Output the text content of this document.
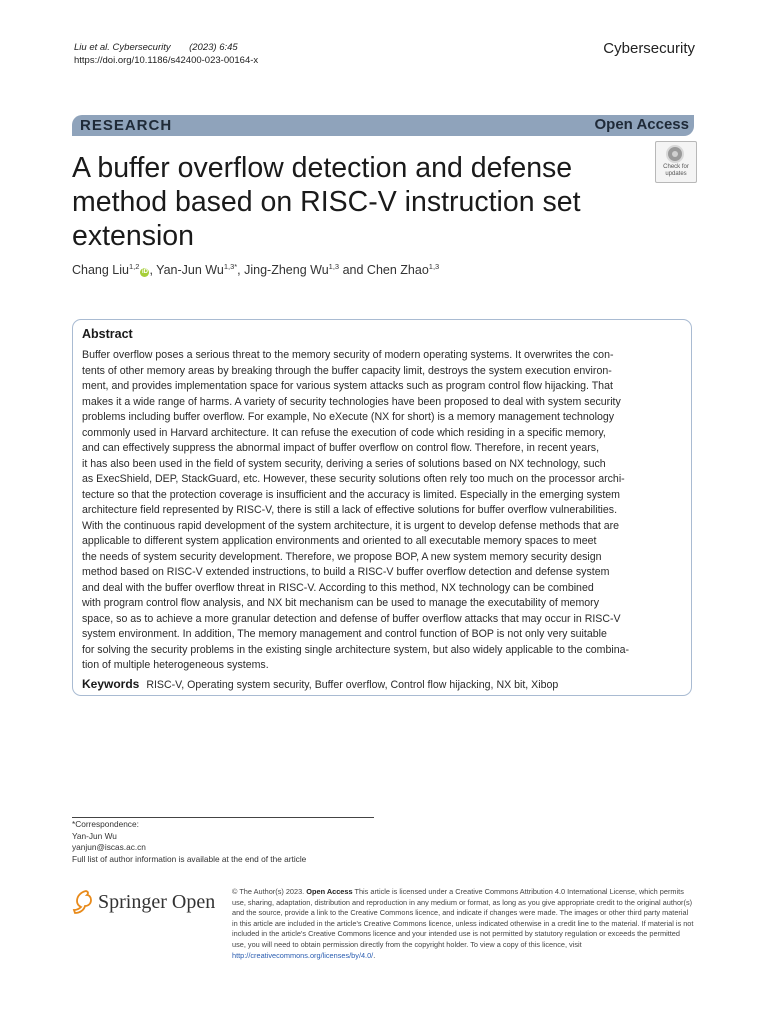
Liu et al. Cybersecurity (2023) 6:45
https://doi.org/10.1186/s42400-023-00164-x
Cybersecurity
RESEARCH	Open Access
A buffer overflow detection and defense method based on RISC-V instruction set extension
Check for
updates
Chang Liu$^{1,2}$iD , Yan-Jun $Wu^{1,3*}$, Jing-Zheng Wu$^{1,3}$ and Chen Zhao$^{1,3}$
Abstract
Buffer overflow poses a serious threat to the memory security of modern operating systems. It overwrites the con-
tents of other memory areas by breaking through the buffer capacity limit, destroys the system execution environ-
ment, and provides implementation space for various system attacks such as program control flow hijacking. That
makes it a wide range of harms. A variety of security technologies have been proposed to deal with system security
problems including buffer overflow. For example, No eXecute (NX for short) is a memory management technology
commonly used in Harvard architecture. It can refuse the execution of code which residing in a specific memory,
and can effectively suppress the abnormal impact of buffer overflow on control flow. Therefore, in recent years,
it has also been used in the field of system security, deriving a series of solutions based on NX technology, such
as ExecShield, DEP, StackGuard, etc. However, these security solutions often rely too much on the processor archi-
tecture so that the protection coverage is insufficient and the accuracy is limited. Especially in the emerging system
architecture field represented by RISC-V, there is still a lack of effective solutions for buffer overflow vulnerabilities.
With the continuous rapid development of the system architecture, it is urgent to develop defense methods that are
applicable to different system application environments and oriented to all executable memory spaces to meet
the needs of system security development. Therefore, we propose BOP, A new system memory security design
method based on RISC-V extended instructions, to build a RISC-V buffer overflow detection and defense system
and deal with the buffer overflow threat in RISC-V. According to this method, NX technology can be combined
with program control flow analysis, and NX bit mechanism can be used to manage the executability of memory
space, so as to achieve a more granular detection and defense of buffer overflow attacks that may occur in RISC-V
system environment. In addition, The memory management and control function of BOP is not only very suitable
for solving the security problems in the existing single architecture system, but also widely applicable to the combina-
tion of multiple heterogeneous systems.
Keywords RISC-V, Operating system security, Buffer overflow, Control flow hijacking, NX bit, Xibop
*Correspondence:
Yan-Jun Wu
yanjun@iscas.ac.cn
Full list of author information is available at the end of the article
Springer Open © The Author(s) 2023. Open Access This article is licensed under a Creative Commons Attribution 4.0 International License, which permits use, sharing, adaptation, distribution and reproduction in any medium or format, as long as you give appropriate credit to the original author(s) and the source, provide a link to the Creative Commons licence, and indicate if changes were made. The images or other third party material in this article are included in the article's Creative Commons licence, unless indicated otherwise in a credit line to the material. If material is not included in the article's Creative Commons licence and your intended use is not permitted by statutory regulation or exceeds the permitted use, you will need to obtain permission directly from the copyright holder. To view a copy of this licence, visit http://creativecommons.org/licenses/by/4.0/.
